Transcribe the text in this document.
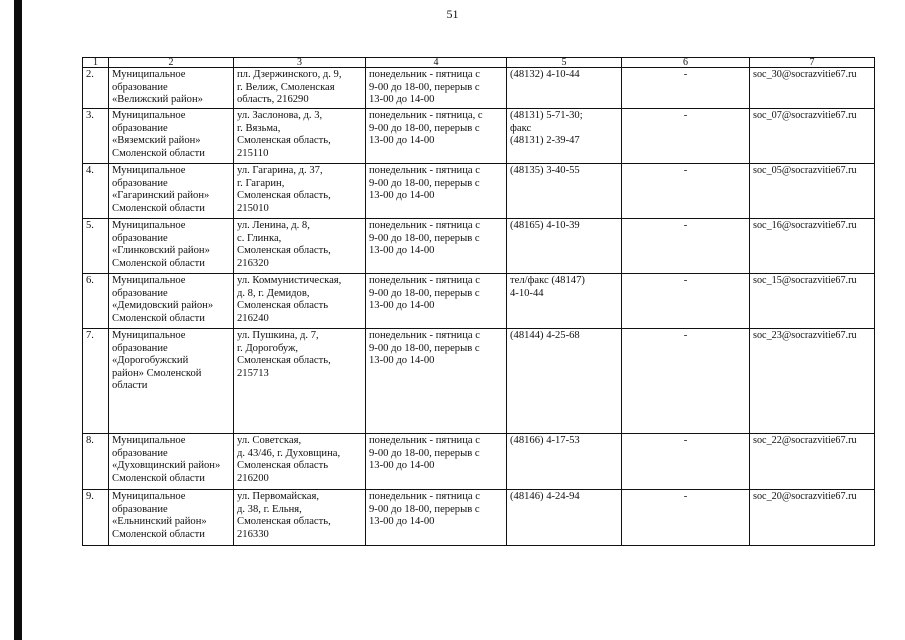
51
1	2	3	4	5	6	7
2.	Муниципальное
образование
«Велижский район»	пл. Дзержинского, д. 9,
г. Велиж, Смоленская
область, 216290	понедельник - пятница с
9-00 до 18-00, перерыв с
13-00 до 14-00	(48132) 4-10-44	-	soc_30@socrazvitie67.ru
3.	Муниципальное
образование
«Вяземский район»
Смоленской области	ул. Заслонова, д. 3,
г. Вязьма,
Смоленская область,
215110	понедельник - пятница, с
9-00 до 18-00, перерыв с
13-00 до 14-00	(48131) 5-71-30;
факс
(48131) 2-39-47	-	soc_07@socrazvitie67.ru
4.	Муниципальное
образование
«Гагаринский район»
Смоленской области	ул. Гагарина, д. 37,
г. Гагарин,
Смоленская область,
215010	понедельник - пятница с
9-00 до 18-00, перерыв с
13-00 до 14-00	(48135) 3-40-55	-	soc_05@socrazvitie67.ru
5.	Муниципальное
образование
«Глинковский район»
Смоленской области	ул. Ленина, д. 8,
с. Глинка,
Смоленская область,
216320	понедельник - пятница с
9-00 до 18-00, перерыв с
13-00 до 14-00	(48165) 4-10-39	-	soc_16@socrazvitie67.ru
6.	Муниципальное
образование
«Демидовский район»
Смоленской области	ул. Коммунистическая,
д. 8, г. Демидов,
Смоленская область
216240	понедельник - пятница с
9-00 до 18-00, перерыв с
13-00 до 14-00	тел/факс (48147)
4-10-44	-	soc_15@socrazvitie67.ru
7.	Муниципальное
образование
«Дорогобужский
район» Смоленской
области	ул. Пушкина, д. 7,
г. Дорогобуж,
Смоленская область,
215713	понедельник - пятница с
9-00 до 18-00, перерыв с
13-00 до 14-00	(48144) 4-25-68	-	soc_23@socrazvitie67.ru
8.	Муниципальное
образование
«Духовщинский район»
Смоленской области	ул. Советская,
д. 43/46, г. Духовщина,
Смоленская область
216200	понедельник - пятница с
9-00 до 18-00, перерыв с
13-00 до 14-00	(48166) 4-17-53	-	soc_22@socrazvitie67.ru
9.	Муниципальное
образование
«Ельнинский район»
Смоленской области	ул. Первомайская,
д. 38, г. Ельня,
Смоленская область,
216330	понедельник - пятница с
9-00 до 18-00, перерыв с
13-00 до 14-00	(48146) 4-24-94	-	soc_20@socrazvitie67.ru
